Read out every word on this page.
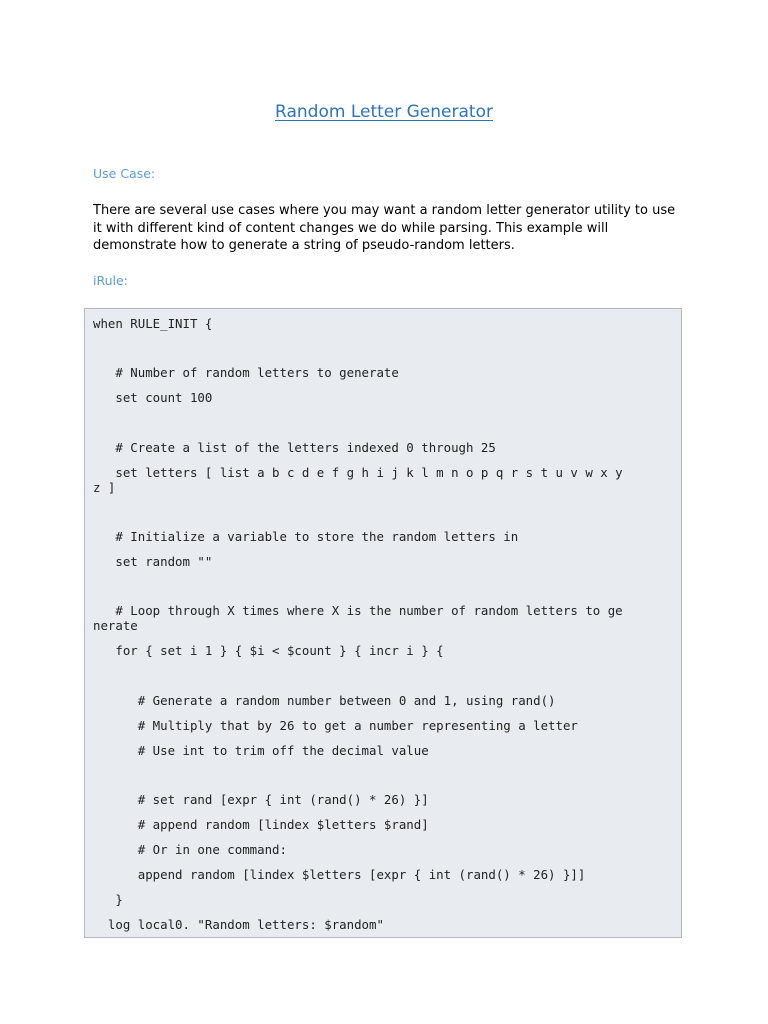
Random Letter Generator
Use Case:

There are several use cases where you may want a random letter generator utility to use it with different kind of content changes we do while parsing. This example will demonstrate how to generate a string of pseudo-random letters.

iRule:
when RULE_INIT {
# Number of random letters to generate
set count 100
# Create a list of the letters indexed 0 through 25
set letters [ list a b c d e f g h i j k l m n o p q r s t u v w x y
z ]
# Initialize a variable to store the random letters in
set random ""
# Loop through X times where X is the number of random letters to ge
nerate
for { set i 1 } { $i < $count } { incr i } {
# Generate a random number between 0 and 1, using rand()
# Multiply that by 26 to get a number representing a letter
# Use int to trim off the decimal value
# set rand [expr { int (rand() * 26) }]
# append random [lindex $letters $rand]
# Or in one command:
append random [lindex $letters [expr { int (rand() * 26) }]]
}
log local0. "Random letters: $random"
